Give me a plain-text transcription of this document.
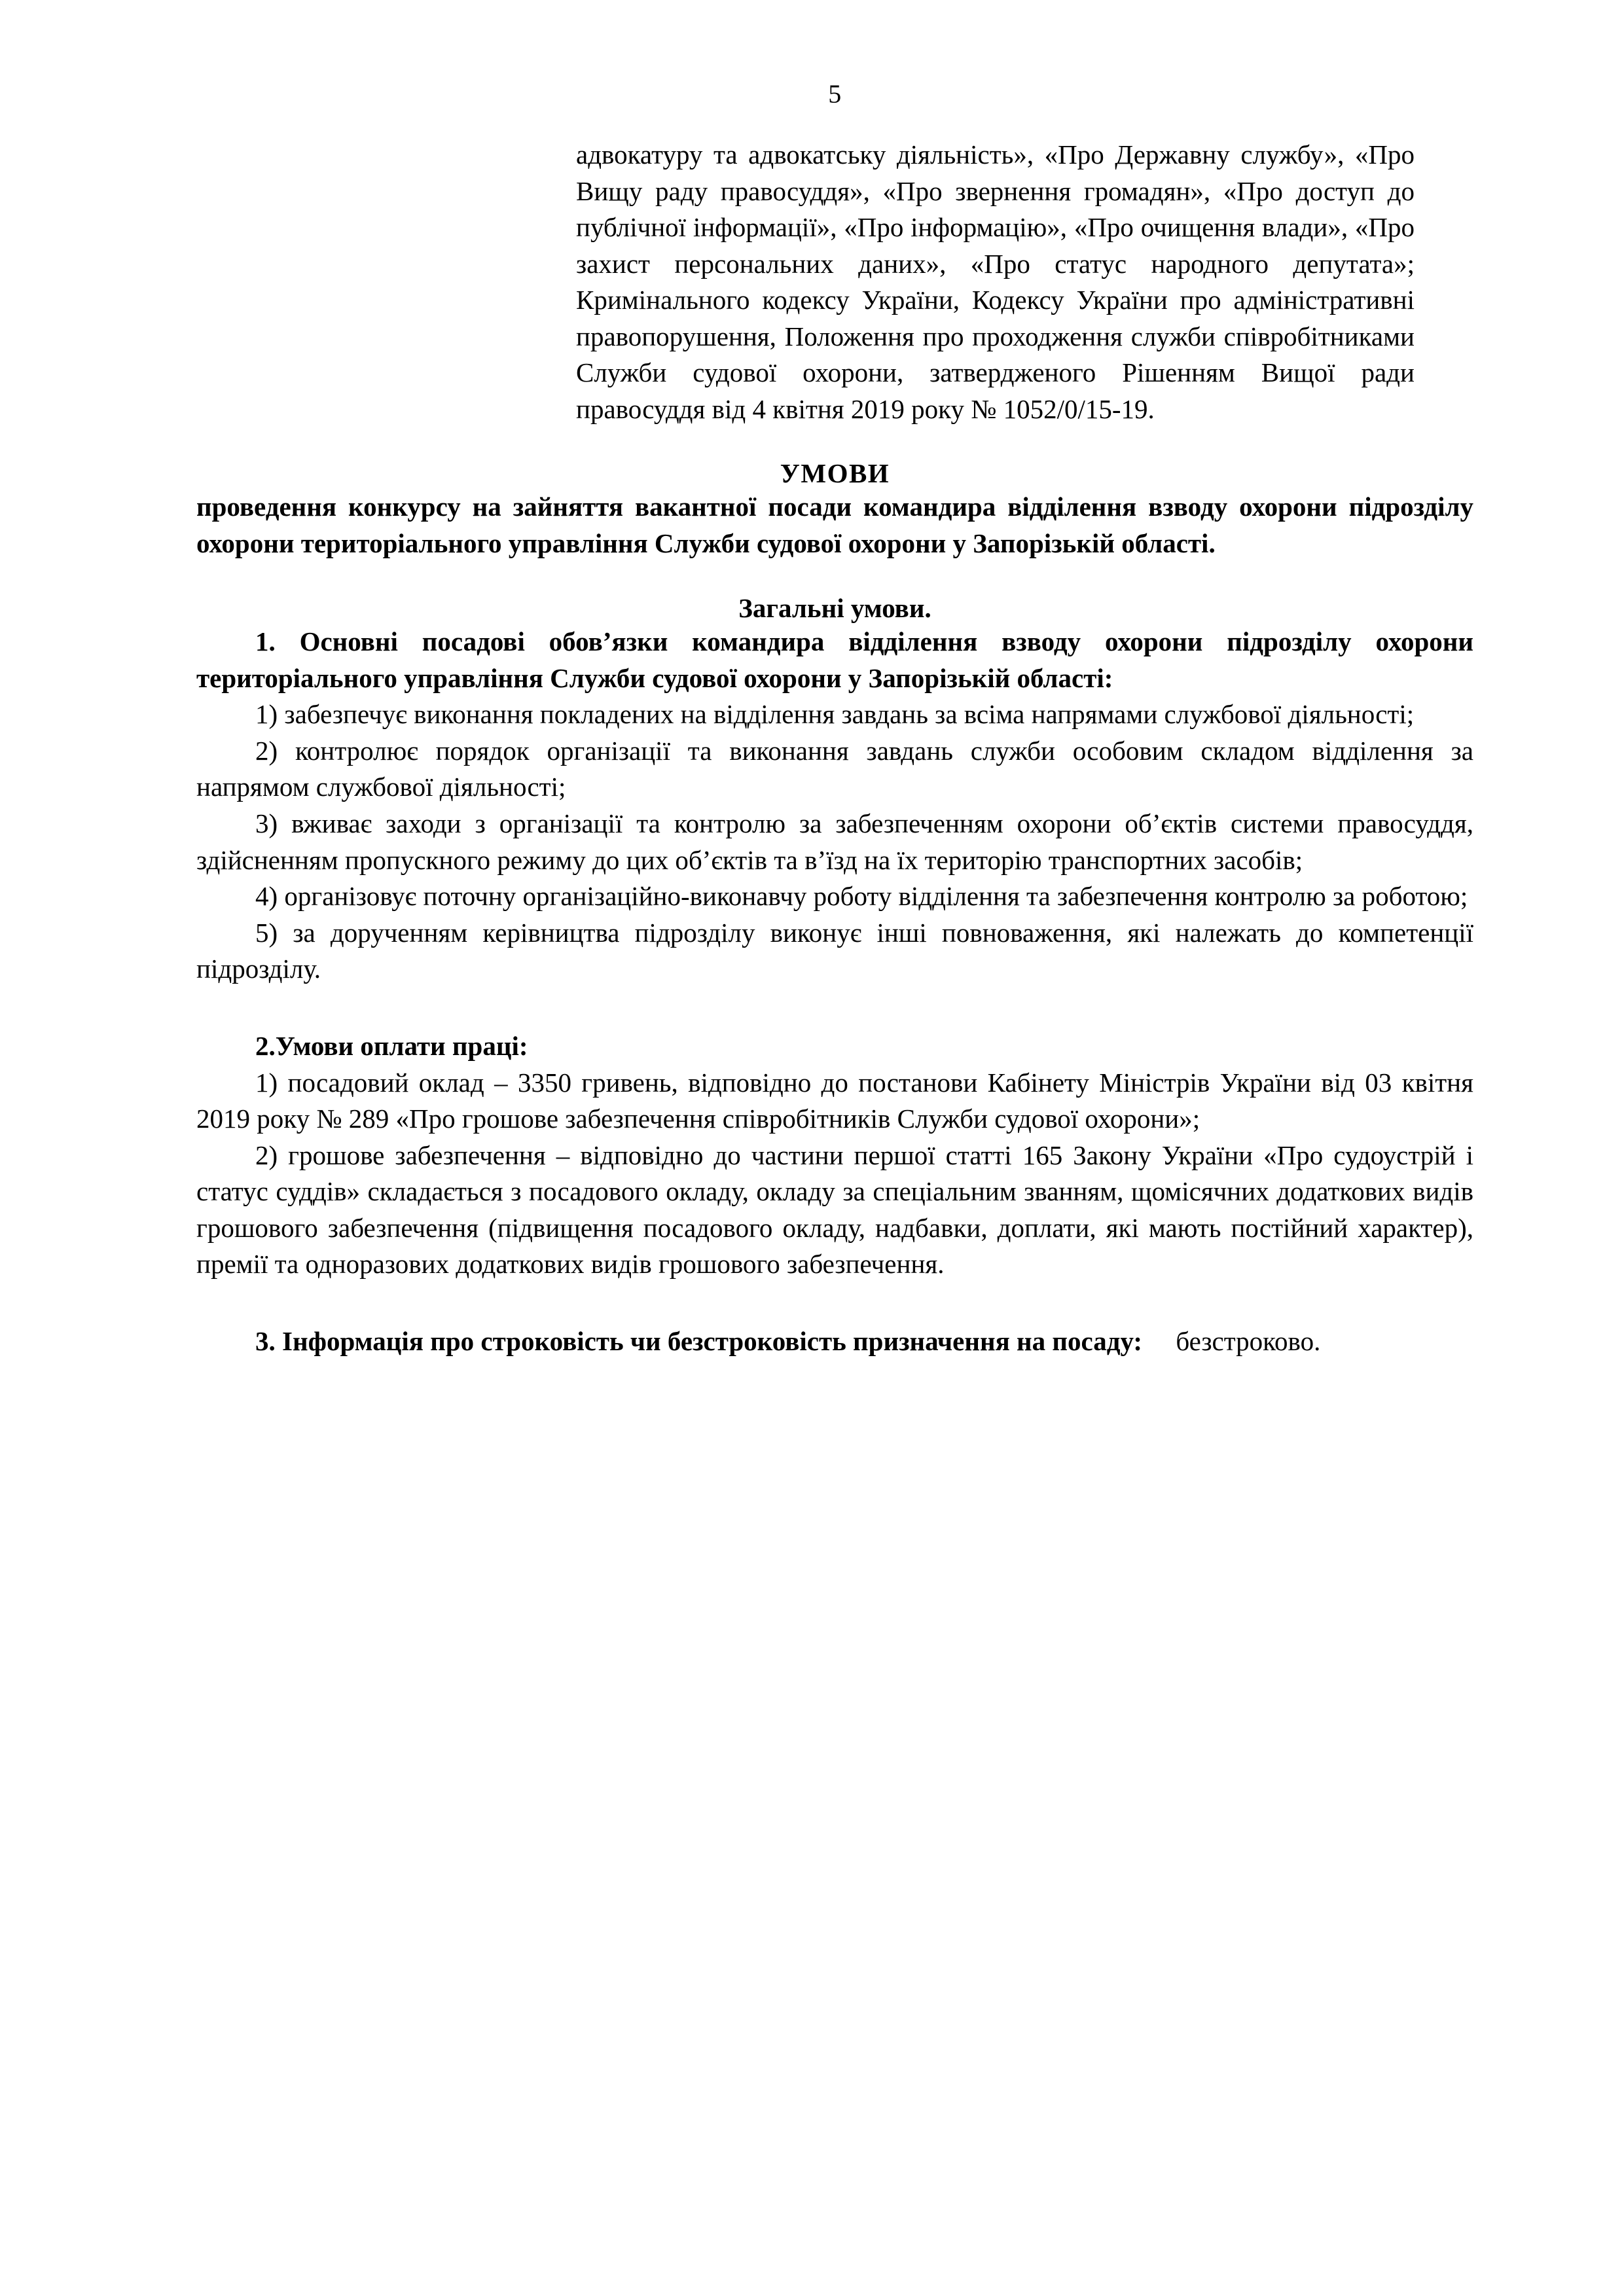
5

адвокатуру та адвокатську діяльність», «Про Державну службу», «Про Вищу раду правосуддя», «Про звернення громадян», «Про доступ до публічної інформації», «Про інформацію», «Про очищення влади», «Про захист персональних даних», «Про статус народного депутата»; Кримінального кодексу України, Кодексу України про адміністративні правопорушення, Положення про проходження служби співробітниками Служби судової охорони, затвердженого Рішенням Вищої ради правосуддя від 4 квітня 2019 року № 1052/0/15-19.

УМОВИ
проведення конкурсу на зайняття вакантної посади командира відділення взводу охорони підрозділу охорони територіального управління Служби судової охорони у Запорізькій області.
Загальні умови.

1. Основні посадові обов’язки командира відділення взводу охорони підрозділу охорони територіального управління Служби судової охорони у Запорізькій області:

1) забезпечує виконання покладених на відділення завдань за всіма напрямами службової діяльності;

2) контролює порядок організації та виконання завдань служби особовим складом відділення за напрямом службової діяльності;

3) вживає заходи з організації та контролю за забезпеченням охорони об’єктів системи правосуддя, здійсненням пропускного режиму до цих об’єктів та в’їзд на їх територію транспортних засобів;

4) організовує поточну організаційно-виконавчу роботу відділення та забезпечення контролю за роботою;

5) за дорученням керівництва підрозділу виконує інші повноваження, які належать до компетенції підрозділу.

2.Умови оплати праці:

1) посадовий оклад – 3350 гривень, відповідно до постанови Кабінету Міністрів України від 03 квітня 2019 року № 289 «Про грошове забезпечення співробітників Служби судової охорони»;

2) грошове забезпечення – відповідно до частини першої статті 165 Закону України «Про судоустрій і статус суддів» складається з посадового окладу, окладу за спеціальним званням, щомісячних додаткових видів грошового забезпечення (підвищення посадового окладу, надбавки, доплати, які мають постійний характер), премії та одноразових додаткових видів грошового забезпечення.

3. Інформація про строковість чи безстроковість призначення на посаду: безстроково.
